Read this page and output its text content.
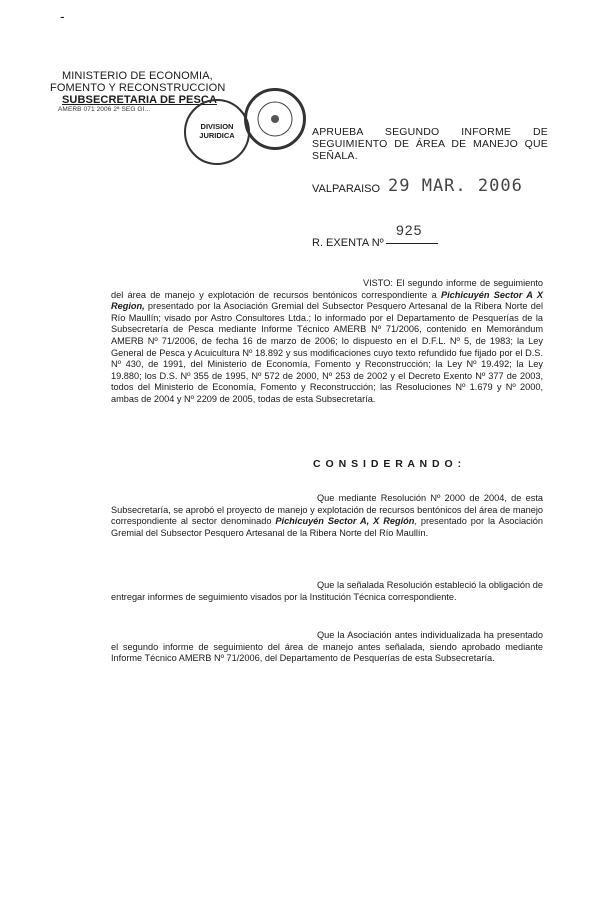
-
MINISTERIO DE ECONOMIA,
FOMENTO Y RECONSTRUCCION
SUBSECRETARIA DE PESCA
AMERB 071 2006 2ª SEG GI...
DIVISION
JURIDICA	APRUEBA SEGUNDO INFORME DE SEGUIMIENTO DE ÁREA DE MANEJO QUE SEÑALA.
VALPARAISO 29 MAR. 2006
R. EXENTA Nº
925
VISTO: El segundo informe de seguimiento del área de manejo y explotación de recursos bentónicos correspondiente a Pichicuyén Sector A X Region, presentado por la Asociación Gremial del Subsector Pesquero Artesanal de la Ribera Norte del Río Maullín; visado por Astro Consultores Ltda.; lo informado por el Departamento de Pesquerías de la Subsecretaría de Pesca mediante Informe Técnico AMERB Nº 71/2006, contenido en Memorándum AMERB Nº 71/2006, de fecha 16 de marzo de 2006; lo dispuesto en el D.F.L. Nº 5, de 1983; la Ley General de Pesca y Acuicultura Nº 18.892 y sus modificaciones cuyo texto refundido fue fijado por el D.S. Nº 430, de 1991, del Ministerio de Economía, Fomento y Reconstrucción; la Ley Nº 19.492; la Ley 19.880; los D.S. Nº 355 de 1995, Nº 572 de 2000, Nº 253 de 2002 y el Decreto Exento Nº 377 de 2003, todos del Ministerio de Economía, Fomento y Reconstrucción; las Resoluciones Nº 1.679 y Nº 2000, ambas de 2004 y Nº 2209 de 2005, todas de esta Subsecretaría.
C O N S I D E R A N D O :
Que mediante Resolución Nº 2000 de 2004, de esta Subsecretaría, se aprobó el proyecto de manejo y explotación de recursos bentónicos del área de manejo correspondiente al sector denominado Pichicuyén Sector A, X Región, presentado por la Asociación Gremial del Subsector Pesquero Artesanal de la Ribera Norte del Río Maullín.
Que la señalada Resolución estableció la obligación de entregar informes de seguimiento visados por la Institución Técnica correspondiente.
Que la Asociación antes individualizada ha presentado el segundo informe de seguimiento del área de manejo antes señalada, siendo aprobado mediante Informe Técnico AMERB Nº 71/2006, del Departamento de Pesquerías de esta Subsecretaría.
